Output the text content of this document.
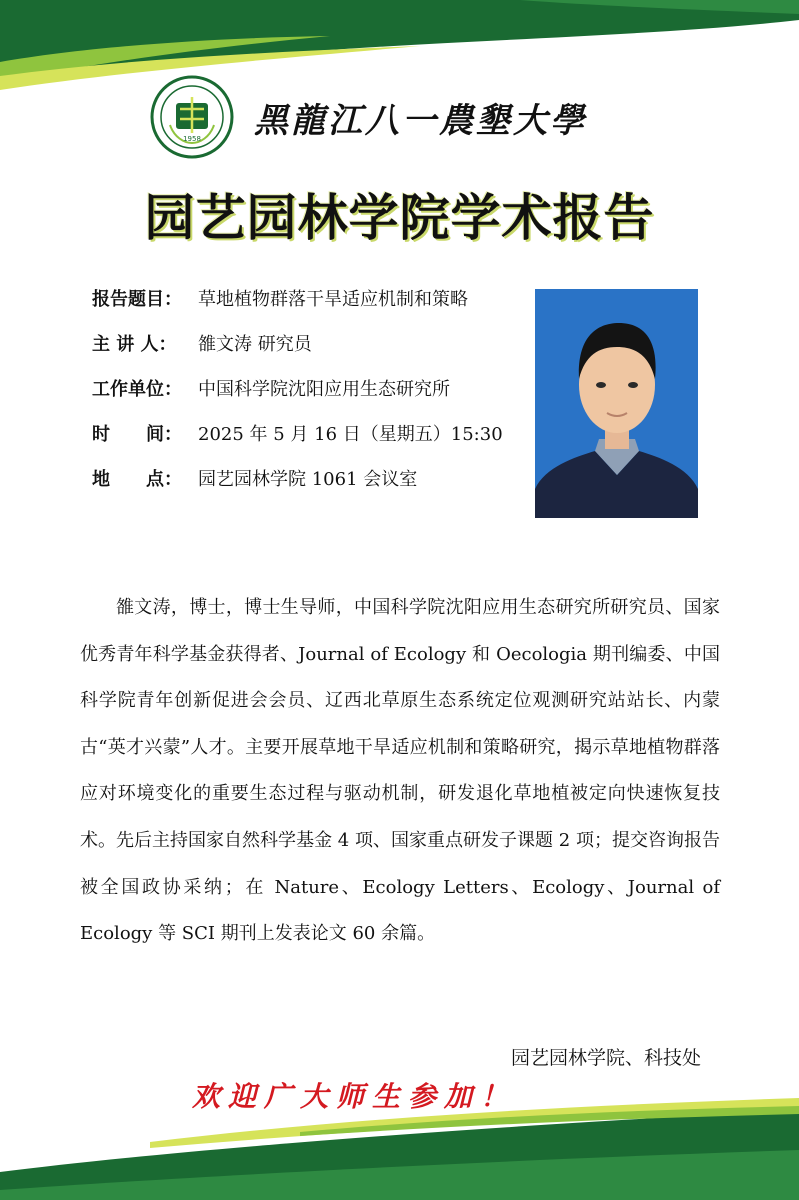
1958 黑龍江八一農墾大學
园艺园林学院学术报告
报告题目： 草地植物群落干旱适应机制和策略
主 讲 人： 雒文涛 研究员
工作单位： 中国科学院沈阳应用生态研究所
时　　间： 2025 年 5 月 16 日（星期五）15:30
地　　点： 园艺园林学院 1061 会议室

雒文涛，博士，博士生导师，中国科学院沈阳应用生态研究所研究员、国家优秀青年科学基金获得者、Journal of Ecology 和 Oecologia 期刊编委、中国科学院青年创新促进会会员、辽西北草原生态系统定位观测研究站站长、内蒙古“英才兴蒙”人才。主要开展草地干旱适应机制和策略研究，揭示草地植物群落应对环境变化的重要生态过程与驱动机制，研发退化草地植被定向快速恢复技术。先后主持国家自然科学基金 4 项、国家重点研发子课题 2 项；提交咨询报告被全国政协采纳；在 Nature、Ecology Letters、Ecology、Journal of Ecology 等 SCI 期刊上发表论文 60 余篇。

园艺园林学院、科技处
欢迎广大师生参加！
